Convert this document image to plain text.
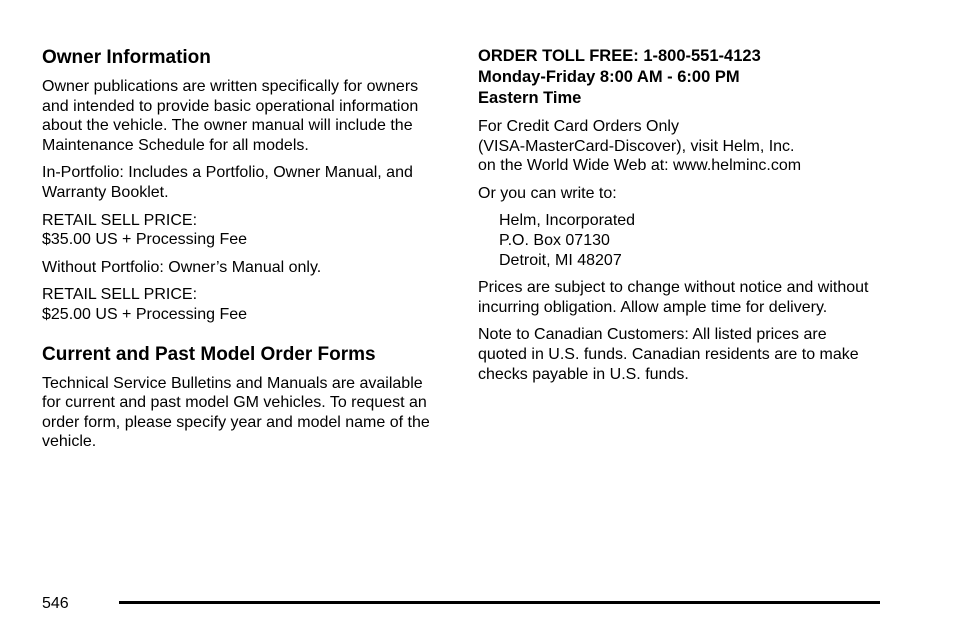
Owner Information

Owner publications are written specifically for owners and intended to provide basic operational information about the vehicle. The owner manual will include the Maintenance Schedule for all models.

In-Portfolio: Includes a Portfolio, Owner Manual, and Warranty Booklet.

RETAIL SELL PRICE:
$35.00 US + Processing Fee

Without Portfolio: Owner’s Manual only.

RETAIL SELL PRICE:
$25.00 US + Processing Fee

Current and Past Model Order Forms

Technical Service Bulletins and Manuals are available for current and past model GM vehicles. To request an order form, please specify year and model name of the vehicle.

ORDER TOLL FREE: 1-800-551-4123
Monday-Friday 8:00 AM - 6:00 PM
Eastern Time

For Credit Card Orders Only
(VISA-MasterCard-Discover), visit Helm, Inc.
on the World Wide Web at: www.helminc.com

Or you can write to:

Helm, Incorporated
P.O. Box 07130
Detroit, MI 48207

Prices are subject to change without notice and without incurring obligation. Allow ample time for delivery.

Note to Canadian Customers: All listed prices are quoted in U.S. funds. Canadian residents are to make checks payable in U.S. funds.

546
